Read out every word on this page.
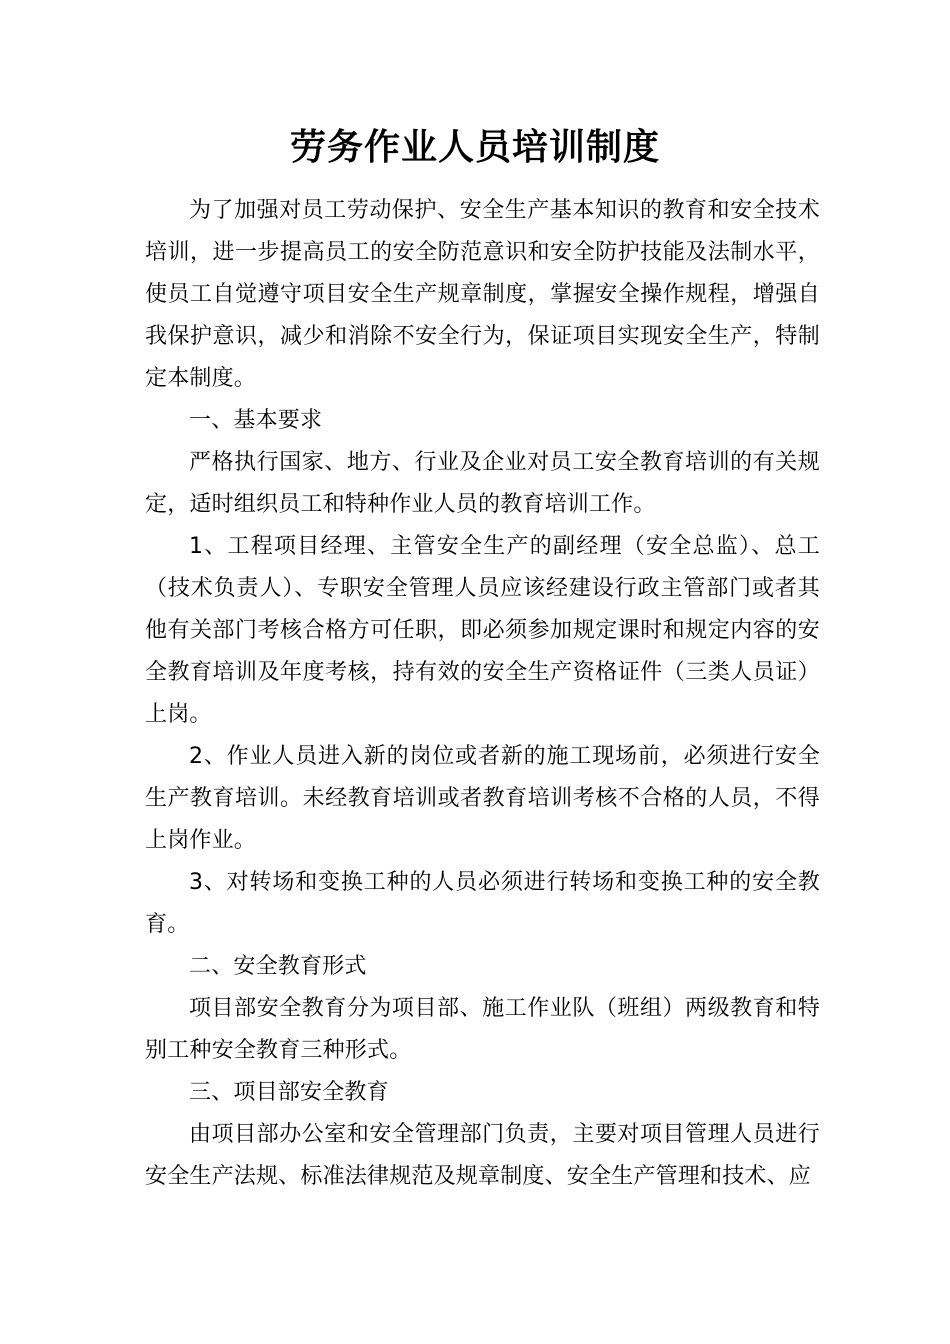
劳务作业人员培训制度

为了加强对员工劳动保护、安全生产基本知识的教育和安全技术培训，进一步提高员工的安全防范意识和安全防护技能及法制水平，使员工自觉遵守项目安全生产规章制度，掌握安全操作规程，增强自我保护意识，减少和消除不安全行为，保证项目实现安全生产，特制定本制度。

一、基本要求

严格执行国家、地方、行业及企业对员工安全教育培训的有关规定，适时组织员工和特种作业人员的教育培训工作。

1、工程项目经理、主管安全生产的副经理（安全总监）、总工（技术负责人）、专职安全管理人员应该经建设行政主管部门或者其他有关部门考核合格方可任职，即必须参加规定课时和规定内容的安全教育培训及年度考核，持有效的安全生产资格证件（三类人员证）上岗。

2、作业人员进入新的岗位或者新的施工现场前，必须进行安全生产教育培训。未经教育培训或者教育培训考核不合格的人员，不得上岗作业。

3、对转场和变换工种的人员必须进行转场和变换工种的安全教育。

二、安全教育形式

项目部安全教育分为项目部、施工作业队（班组）两级教育和特别工种安全教育三种形式。

三、项目部安全教育

由项目部办公室和安全管理部门负责，主要对项目管理人员进行安全生产法规、标准法律规范及规章制度、安全生产管理和技术、应
